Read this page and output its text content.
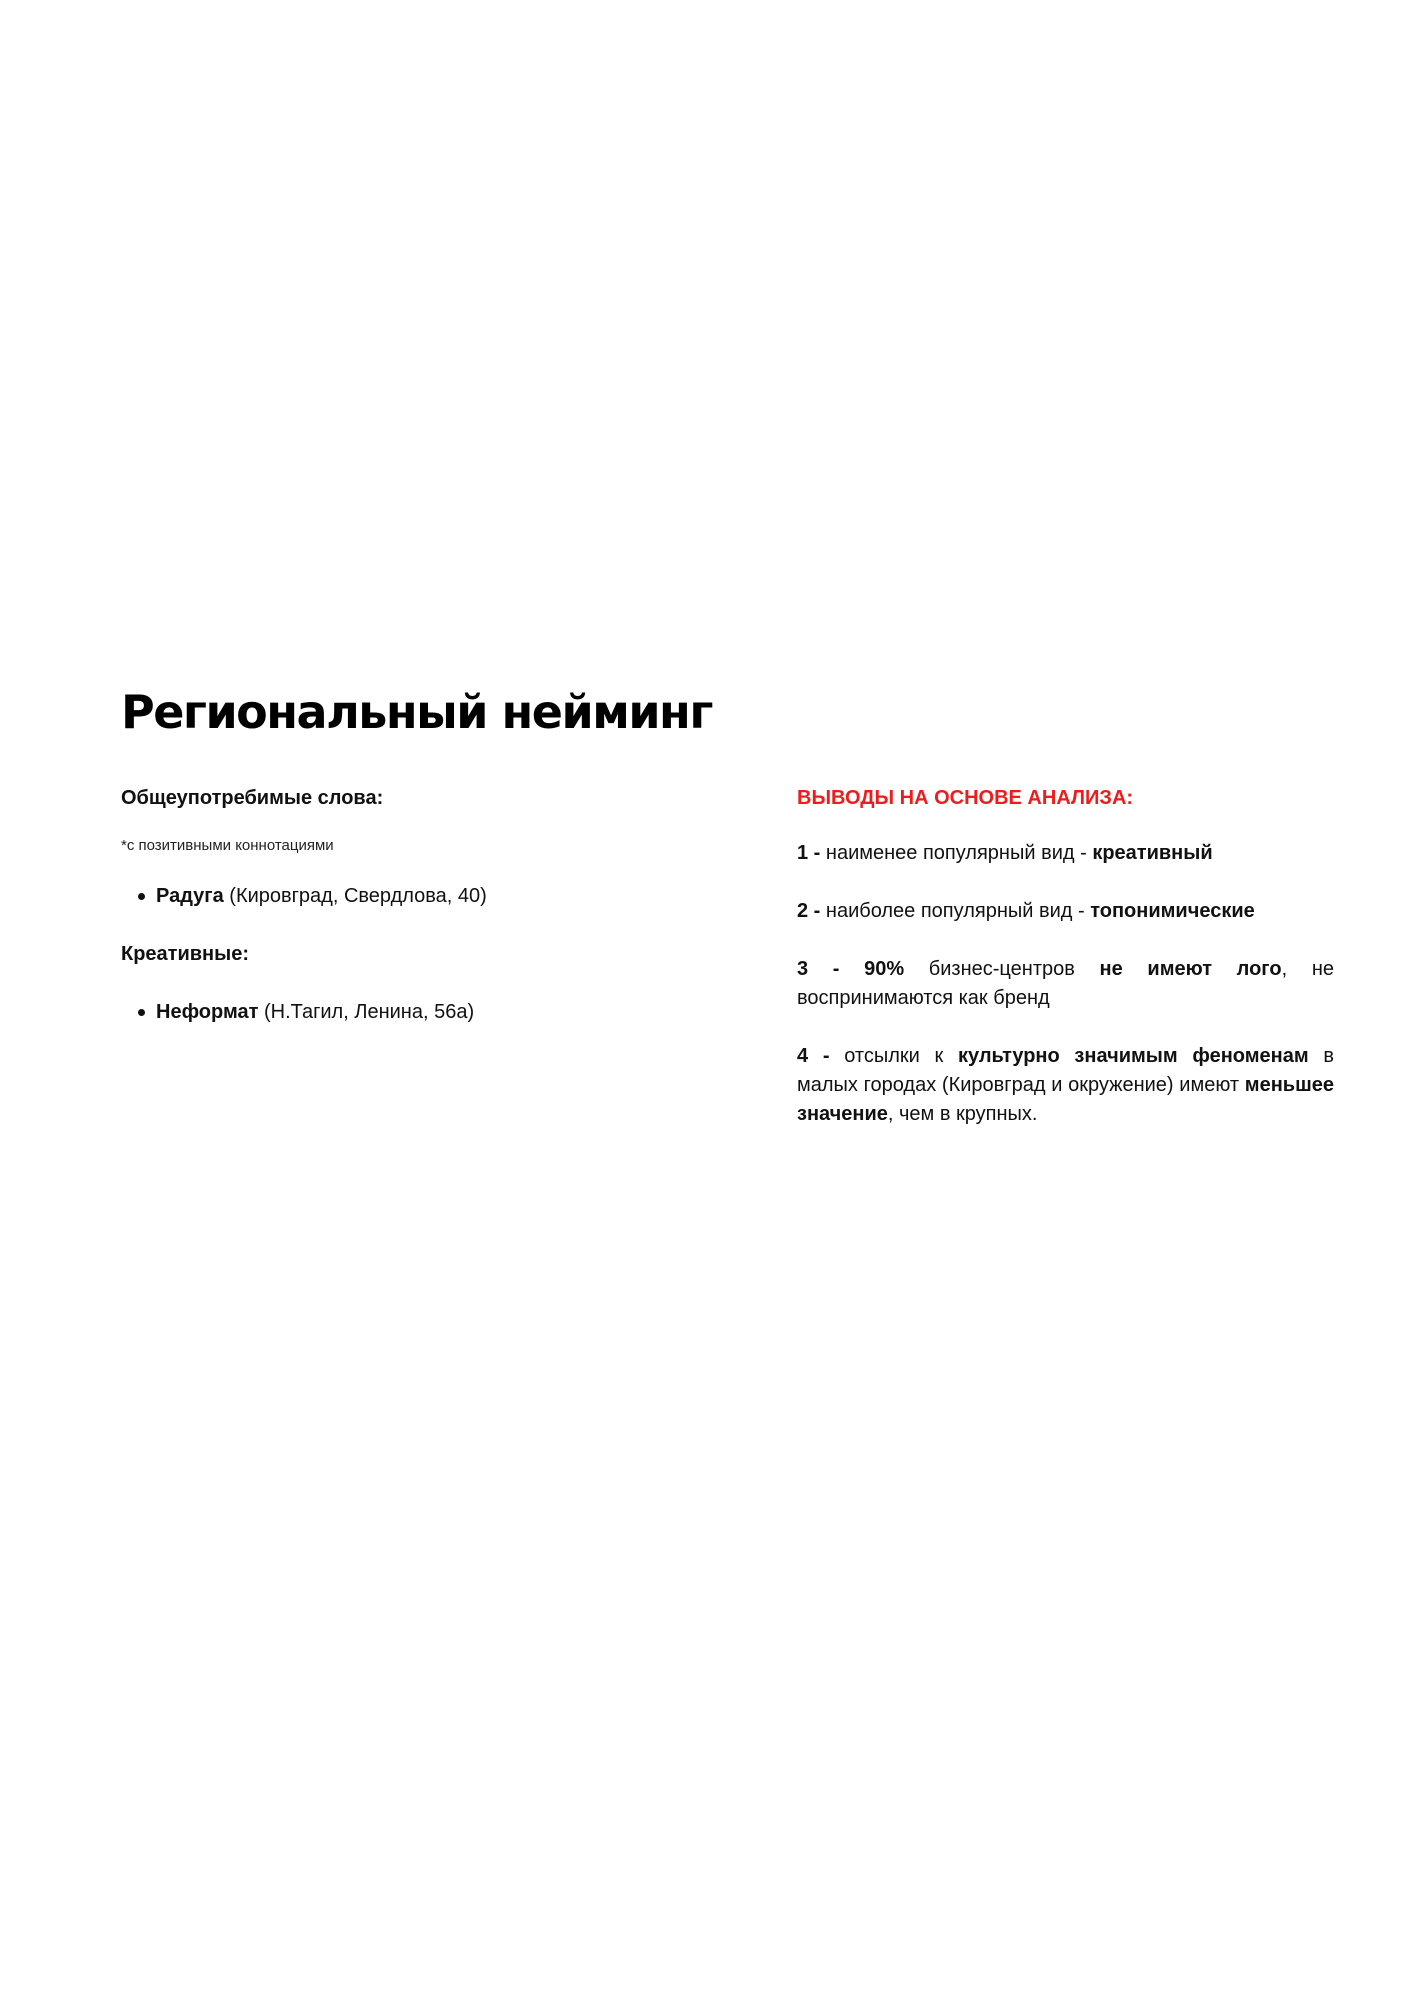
Региональный нейминг

Общеупотребимые слова:

*с позитивными коннотациями

Радуга (Кировград, Свердлова, 40)

Креативные:

Неформат (Н.Тагил, Ленина, 56а)

ВЫВОДЫ НА ОСНОВЕ АНАЛИЗА:

1 - наименее популярный вид - креативный

2 - наиболее популярный вид - топонимические

3 - 90% бизнес-центров не имеют лого, не воспринимаются как бренд

4 - отсылки к культурно значимым феноменам в малых городах (Кировград и окружение) имеют меньшее значение, чем в крупных.
